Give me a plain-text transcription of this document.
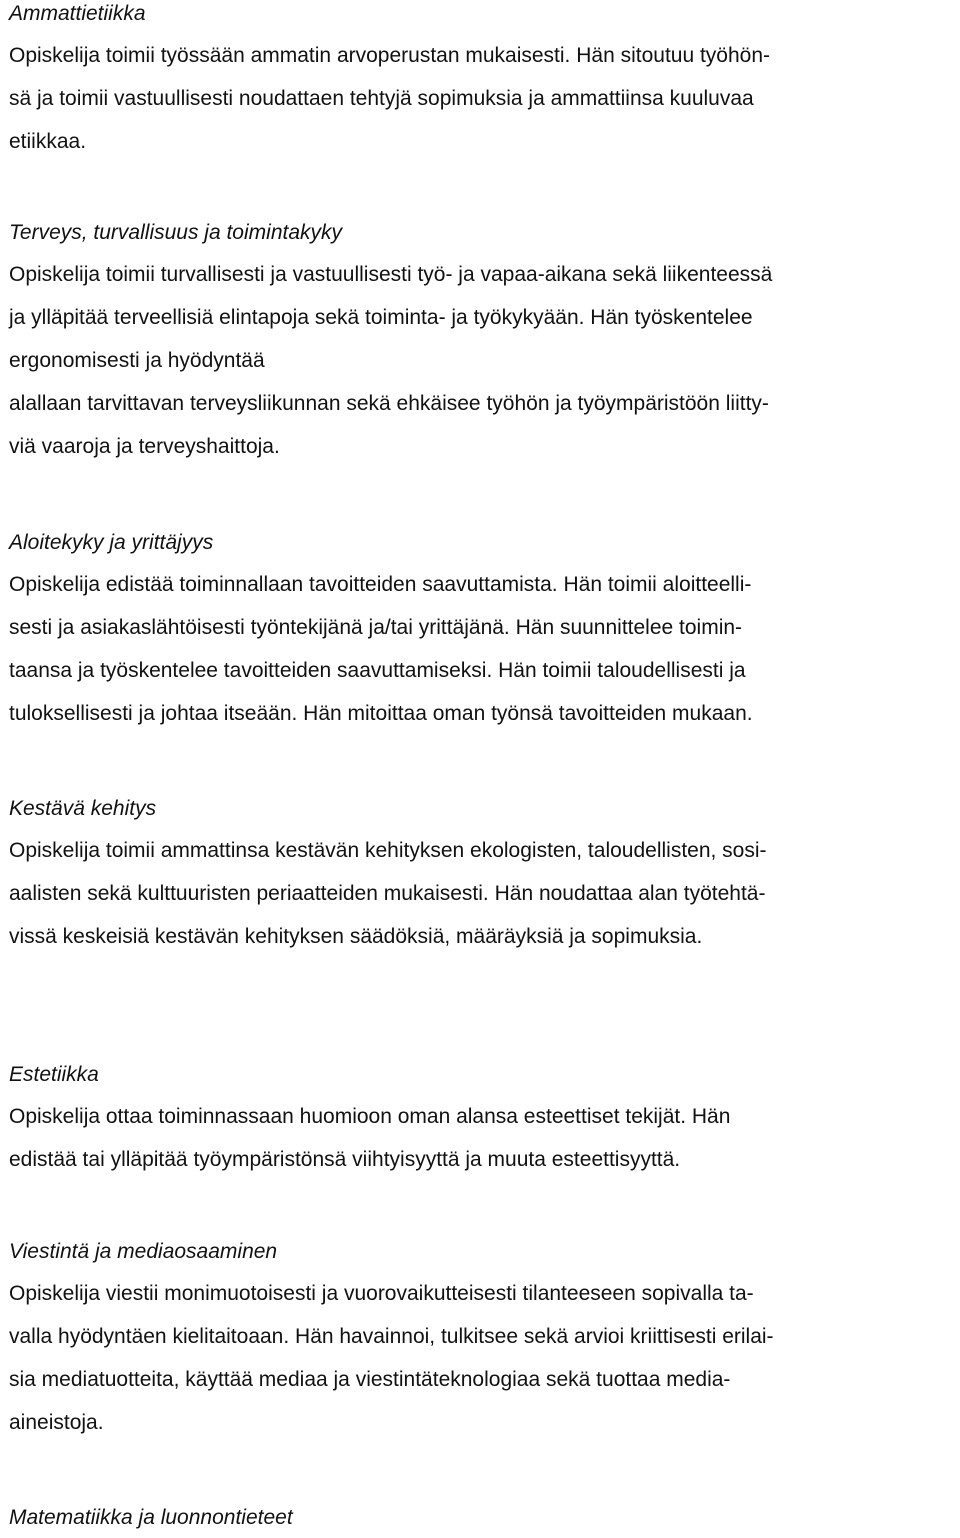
Ammattietiikka

Opiskelija toimii työssään ammatin arvoperustan mukaisesti. Hän sitoutuu työhön-
sä ja toimii vastuullisesti noudattaen tehtyjä sopimuksia ja ammattiinsa kuuluvaa
etiikkaa.

Terveys, turvallisuus ja toimintakyky

Opiskelija toimii turvallisesti ja vastuullisesti työ- ja vapaa-aikana sekä liikenteessä
ja ylläpitää terveellisiä elintapoja sekä toiminta- ja työkykyään. Hän työskentelee
ergonomisesti ja hyödyntää
alallaan tarvittavan terveysliikunnan sekä ehkäisee työhön ja työympäristöön liitty-
viä vaaroja ja terveyshaittoja.

Aloitekyky ja yrittäjyys

Opiskelija edistää toiminnallaan tavoitteiden saavuttamista. Hän toimii aloitteelli-
sesti ja asiakaslähtöisesti työntekijänä ja/tai yrittäjänä. Hän suunnittelee toimin-
taansa ja työskentelee tavoitteiden saavuttamiseksi. Hän toimii taloudellisesti ja
tuloksellisesti ja johtaa itseään. Hän mitoittaa oman työnsä tavoitteiden mukaan.

Kestävä kehitys

Opiskelija toimii ammattinsa kestävän kehityksen ekologisten, taloudellisten, sosi-
aalisten sekä kulttuuristen periaatteiden mukaisesti. Hän noudattaa alan työtehtä-
vissä keskeisiä kestävän kehityksen säädöksiä, määräyksiä ja sopimuksia.

Estetiikka

Opiskelija ottaa toiminnassaan huomioon oman alansa esteettiset tekijät. Hän
edistää tai ylläpitää työympäristönsä viihtyisyyttä ja muuta esteettisyyttä.

Viestintä ja mediaosaaminen

Opiskelija viestii monimuotoisesti ja vuorovaikutteisesti tilanteeseen sopivalla ta-
valla hyödyntäen kielitaitoaan. Hän havainnoi, tulkitsee sekä arvioi kriittisesti erilai-
sia mediatuotteita, käyttää mediaa ja viestintäteknologiaa sekä tuottaa media-
aineistoja.

Matematiikka ja luonnontieteet
